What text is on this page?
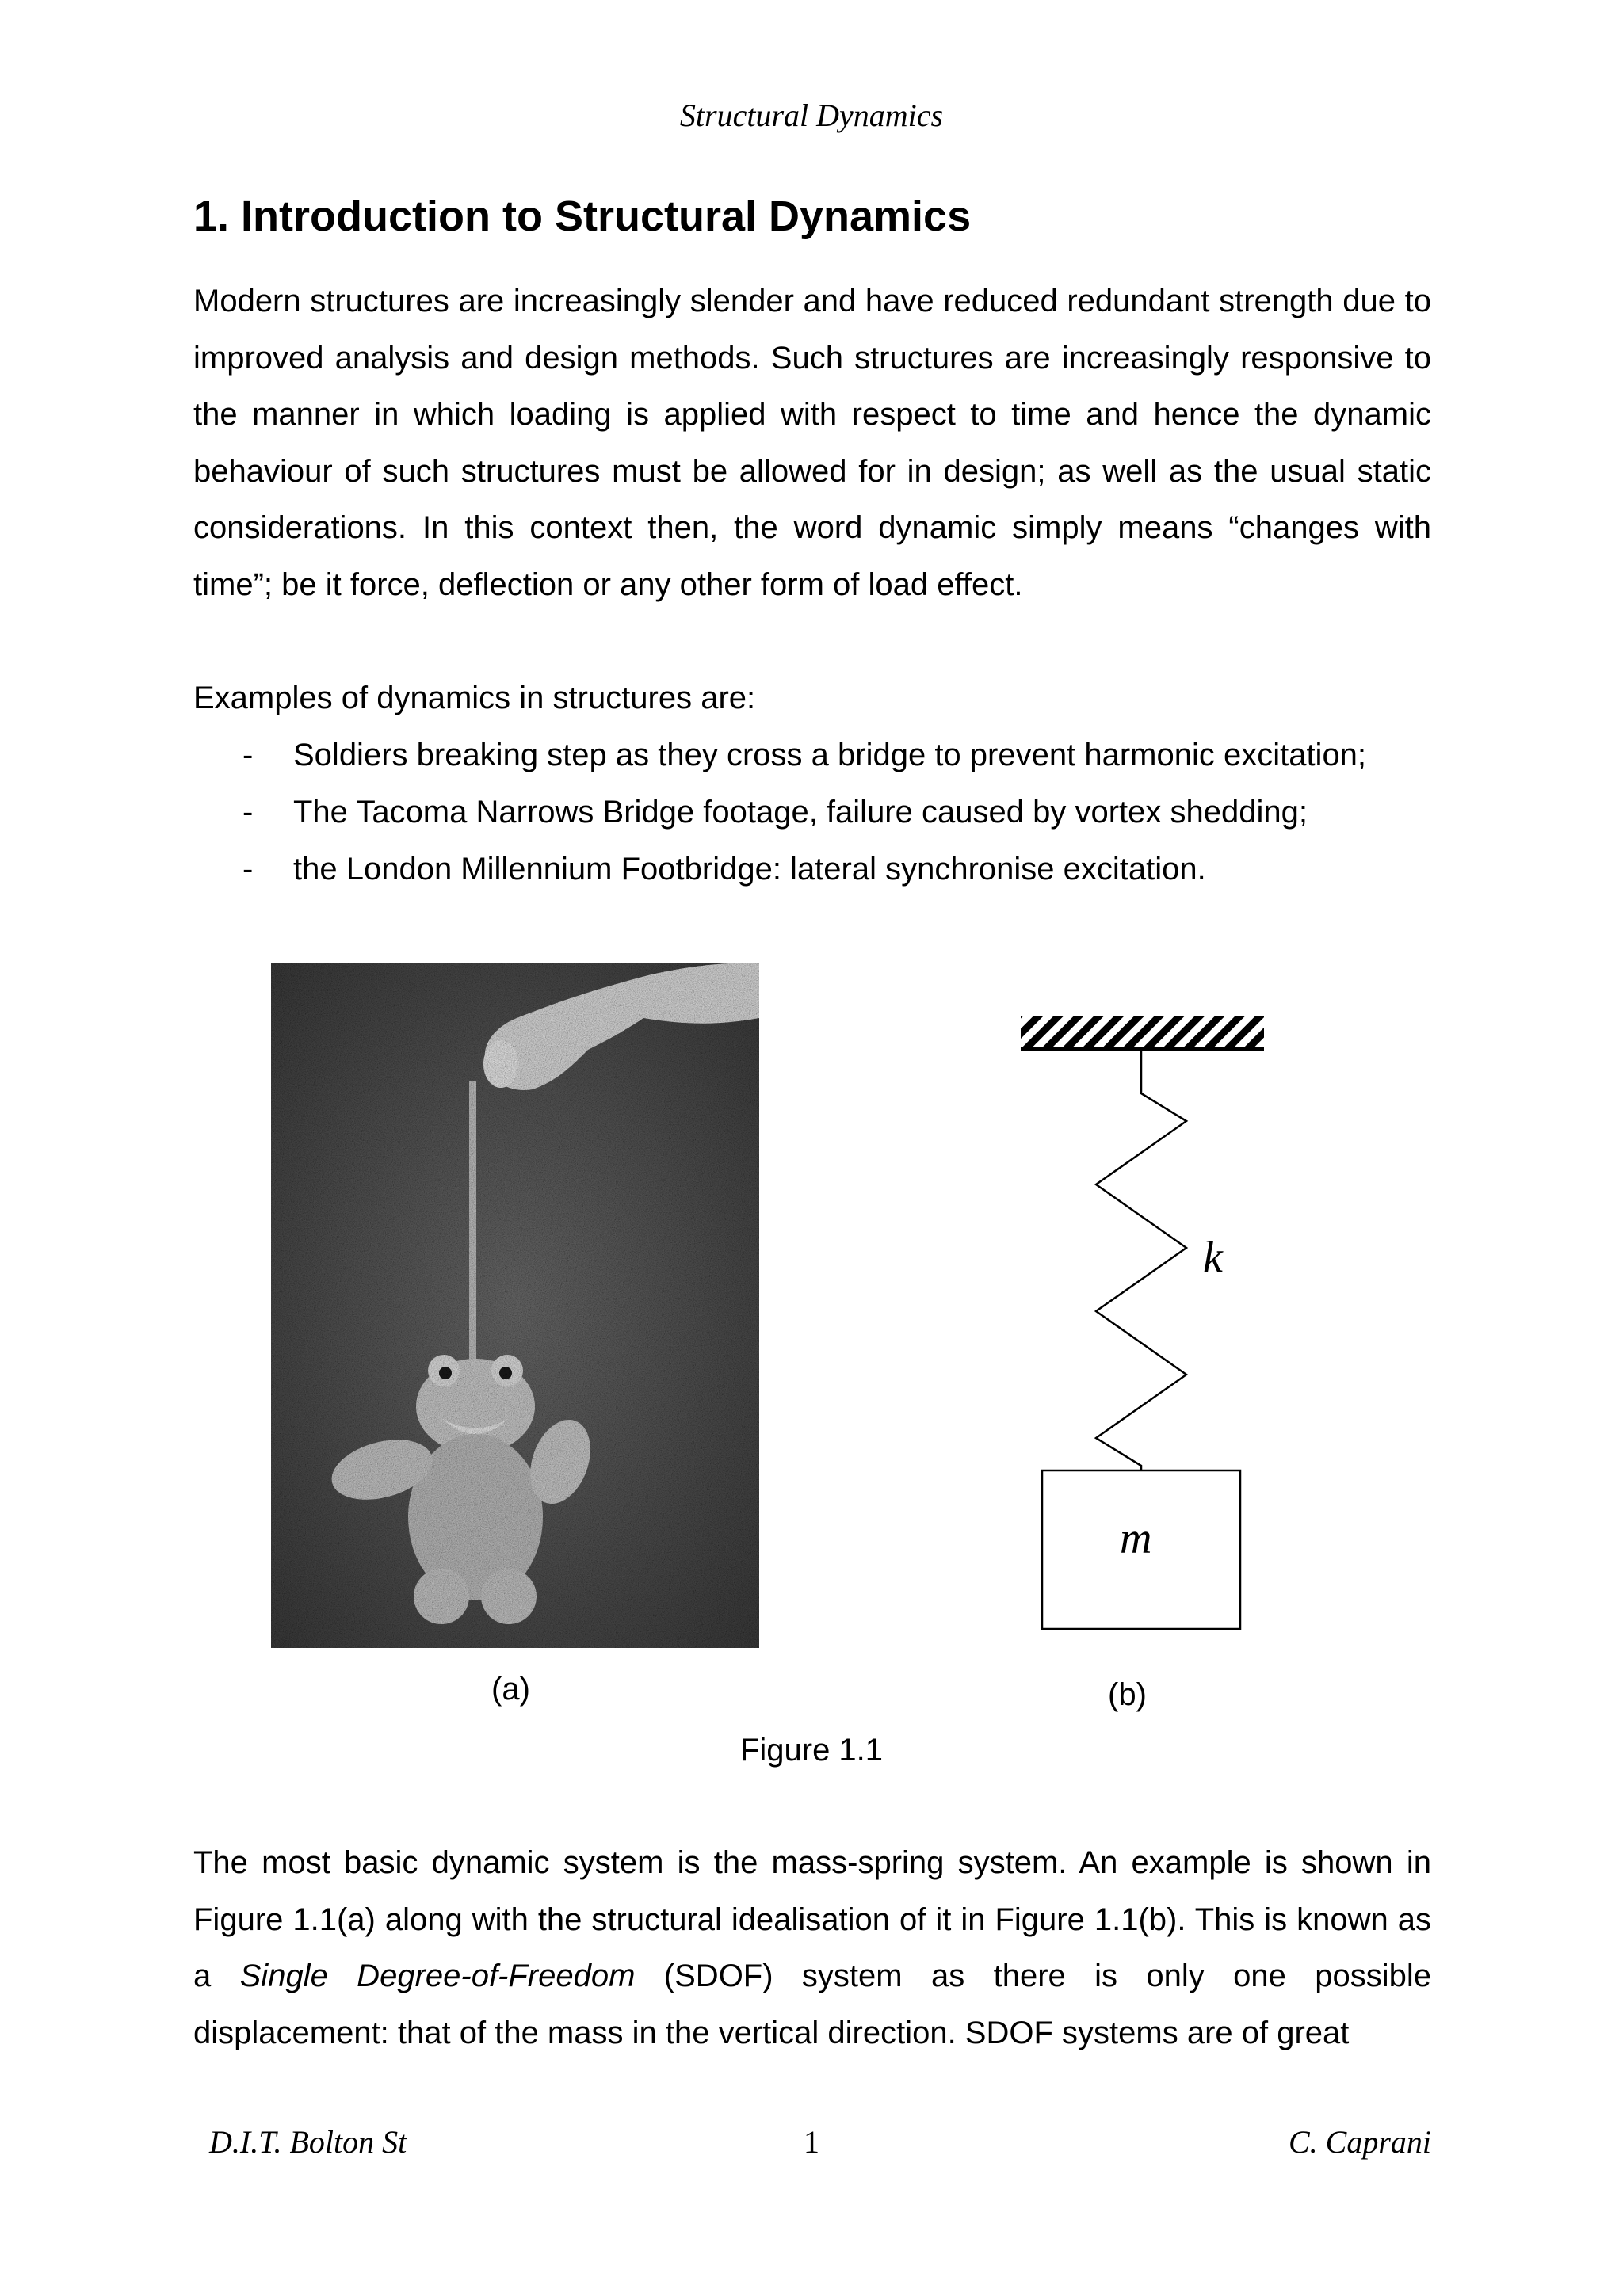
Structural Dynamics
1. Introduction to Structural Dynamics

Modern structures are increasingly slender and have reduced redundant strength due to improved analysis and design methods. Such structures are increasingly responsive to the manner in which loading is applied with respect to time and hence the dynamic behaviour of such structures must be allowed for in design; as well as the usual static considerations. In this context then, the word dynamic simply means “changes with time”; be it force, deflection or any other form of load effect.

Examples of dynamics in structures are:

- Soldiers breaking step as they cross a bridge to prevent harmonic excitation;
- The Tacoma Narrows Bridge footage, failure caused by vortex shedding;
- the London Millennium Footbridge: lateral synchronise excitation.
k
m
(a)	(b)
Figure 1.1

The most basic dynamic system is the mass-spring system. An example is shown in Figure 1.1(a) along with the structural idealisation of it in Figure 1.1(b). This is known as a Single Degree-of-Freedom (SDOF) system as there is only one possible displacement: that of the mass in the vertical direction. SDOF systems are of great

D.I.T. Bolton St	1	C. Caprani
